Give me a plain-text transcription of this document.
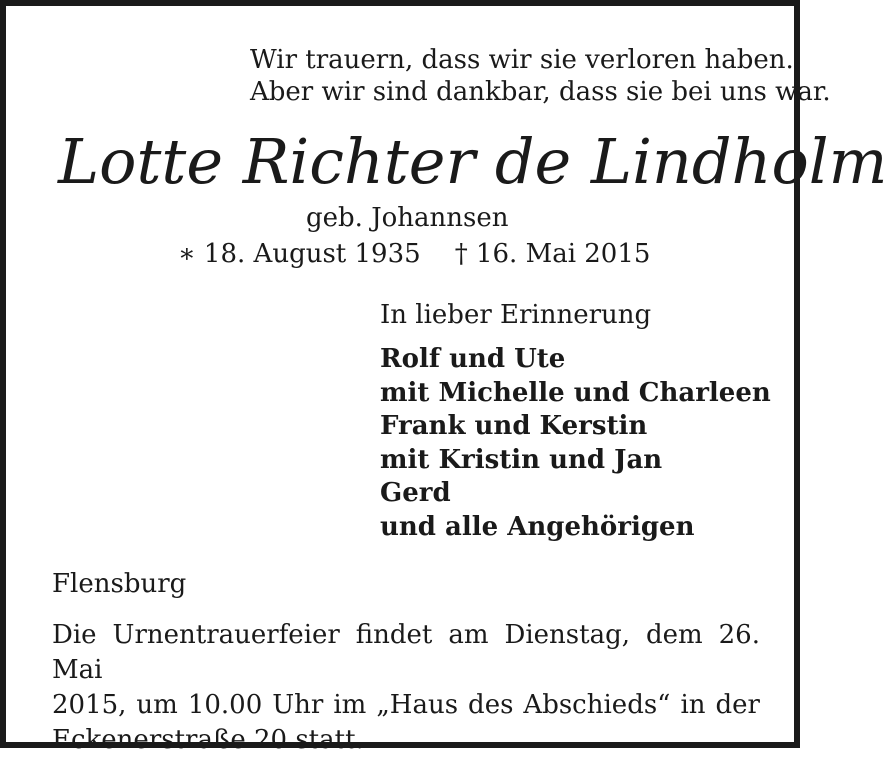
Wir trauern, dass wir sie verloren haben.
Aber wir sind dankbar, dass sie bei uns war.
Lotte Richter de Lindholm
geb. Johannsen
∗ 18. August 1935 † 16. Mai 2015
In lieber Erinnerung
Rolf und Ute
mit Michelle und Charleen
Frank und Kerstin
mit Kristin und Jan
Gerd
und alle Angehörigen
Flensburg
Die Urnentrauerfeier findet am Dienstag, dem 26. Mai
2015, um 10.00 Uhr im „Haus des Abschieds“ in der
Eckenerstraße 20 statt.
